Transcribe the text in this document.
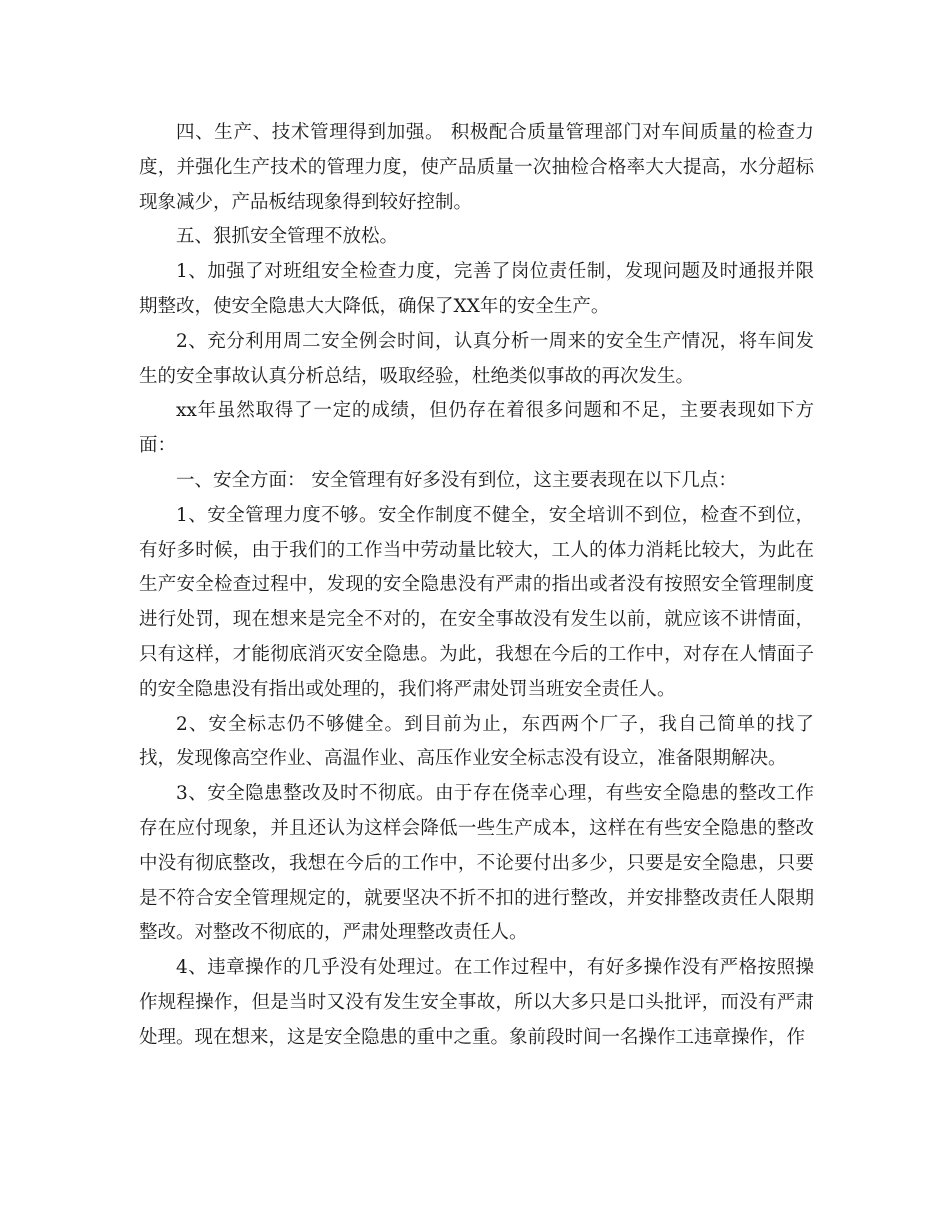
四、生产、技术管理得到加强。 积极配合质量管理部门对车间质量的检查力度，并强化生产技术的管理力度，使产品质量一次抽检合格率大大提高，水分超标现象减少，产品板结现象得到较好控制。

五、狠抓安全管理不放松。

1、加强了对班组安全检查力度，完善了岗位责任制，发现问题及时通报并限期整改，使安全隐患大大降低，确保了XX年的安全生产。

2、充分利用周二安全例会时间，认真分析一周来的安全生产情况，将车间发生的安全事故认真分析总结，吸取经验，杜绝类似事故的再次发生。

xx年虽然取得了一定的成绩，但仍存在着很多问题和不足，主要表现如下方面：

一、安全方面： 安全管理有好多没有到位，这主要表现在以下几点：

1、安全管理力度不够。安全作制度不健全，安全培训不到位，检查不到位，有好多时候，由于我们的工作当中劳动量比较大，工人的体力消耗比较大，为此在生产安全检查过程中，发现的安全隐患没有严肃的指出或者没有按照安全管理制度进行处罚，现在想来是完全不对的，在安全事故没有发生以前，就应该不讲情面，只有这样，才能彻底消灭安全隐患。为此，我想在今后的工作中，对存在人情面子的安全隐患没有指出或处理的，我们将严肃处罚当班安全责任人。

2、安全标志仍不够健全。到目前为止，东西两个厂子，我自己简单的找了找，发现像高空作业、高温作业、高压作业安全标志没有设立，准备限期解决。

3、安全隐患整改及时不彻底。由于存在侥幸心理，有些安全隐患的整改工作存在应付现象，并且还认为这样会降低一些生产成本，这样在有些安全隐患的整改中没有彻底整改，我想在今后的工作中，不论要付出多少，只要是安全隐患，只要是不符合安全管理规定的，就要坚决不折不扣的进行整改，并安排整改责任人限期整改。对整改不彻底的，严肃处理整改责任人。

4、违章操作的几乎没有处理过。在工作过程中，有好多操作没有严格按照操作规程操作，但是当时又没有发生安全事故，所以大多只是口头批评，而没有严肃处理。现在想来，这是安全隐患的重中之重。象前段时间一名操作工违章操作，作
